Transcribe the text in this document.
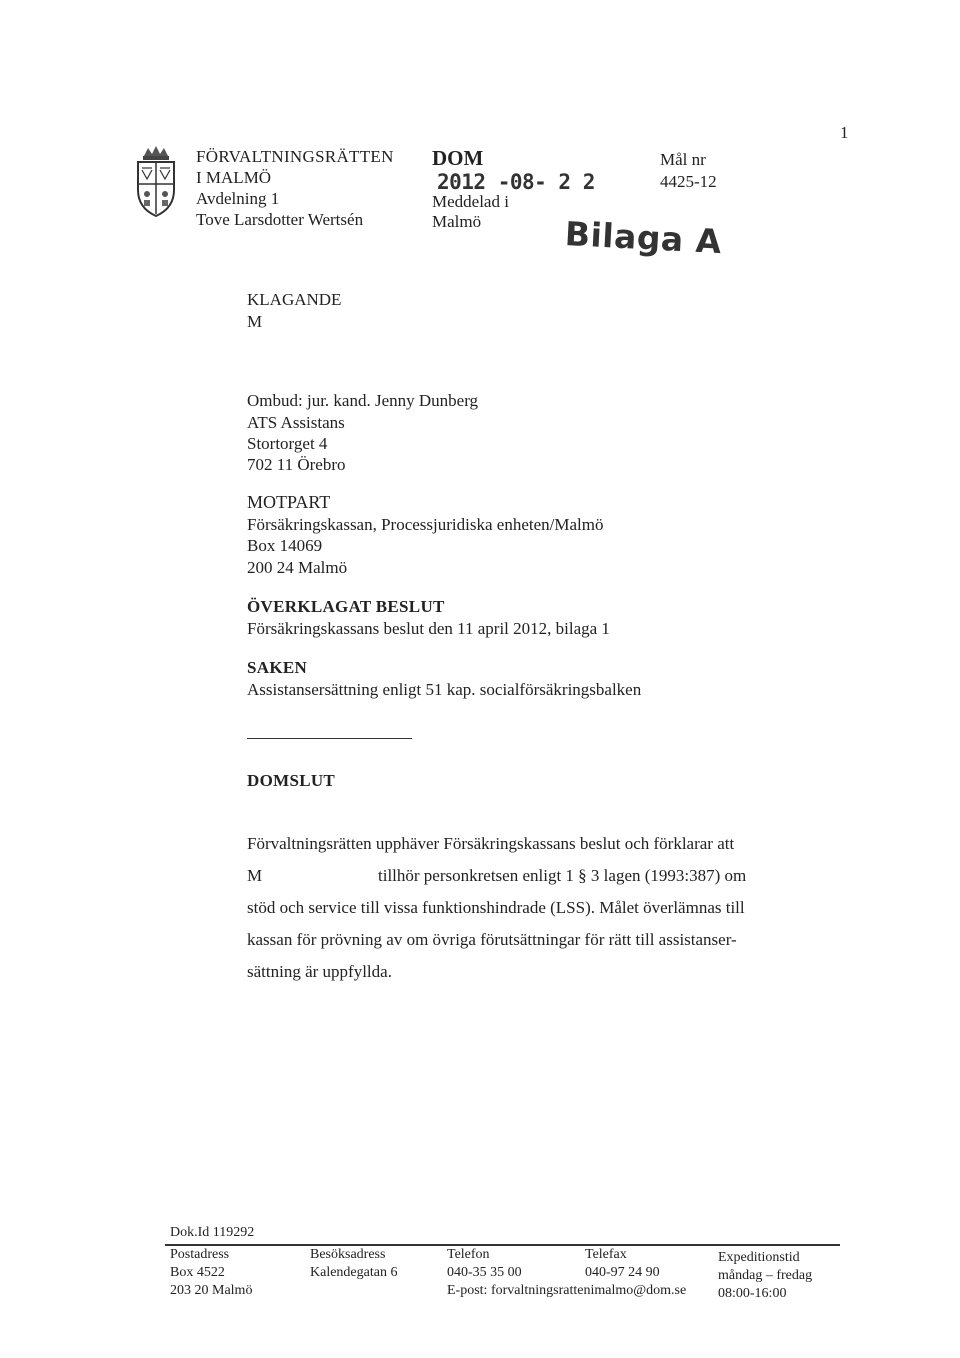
1
FÖRVALTNINGSRÄTTEN
I MALMÖ
Avdelning 1
Tove Larsdotter Wertsén
DOM
2012 -08- 2 2
Meddelad i
Malmö
Mål nr
4425-12
Bilaga A
KLAGANDE
M
Ombud: jur. kand. Jenny Dunberg
ATS Assistans
Stortorget 4
702 11 Örebro
MOTPART
Försäkringskassan, Processjuridiska enheten/Malmö
Box 14069
200 24 Malmö
ÖVERKLAGAT BESLUT
Försäkringskassans beslut den 11 april 2012, bilaga 1
SAKEN
Assistansersättning enligt 51 kap. socialförsäkringsbalken
DOMSLUT
Förvaltningsrätten upphäver Försäkringskassans beslut och förklarar att
M	tillhör personkretsen enligt 1 § 3 lagen (1993:387) om
stöd och service till vissa funktionshindrade (LSS). Målet överlämnas till
kassan för prövning av om övriga förutsättningar för rätt till assistanser-
sättning är uppfyllda.
Dok.Id 119292
Postadress
Box 4522
203 20 Malmö
Besöksadress
Kalendegatan 6
Telefon
040-35 35 00
E-post: forvaltningsrattenimalmo@dom.se
Telefax
040-97 24 90
Expeditionstid
måndag – fredag
08:00-16:00
